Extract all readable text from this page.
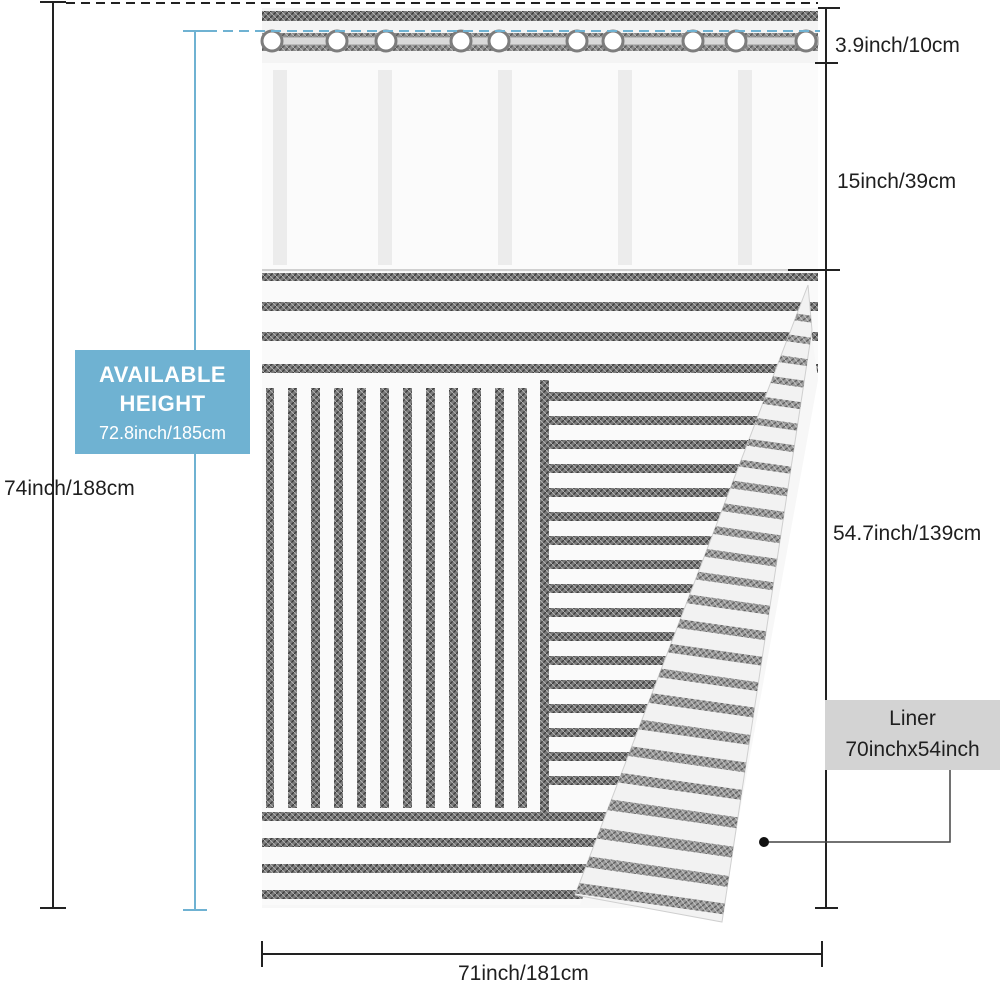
3.9inch/10cm
15inch/39cm
54.7inch/139cm
74inch/188cm
71inch/181cm
AVAILABLE
HEIGHT
72.8inch/185cm
Liner
70inchx54inch
